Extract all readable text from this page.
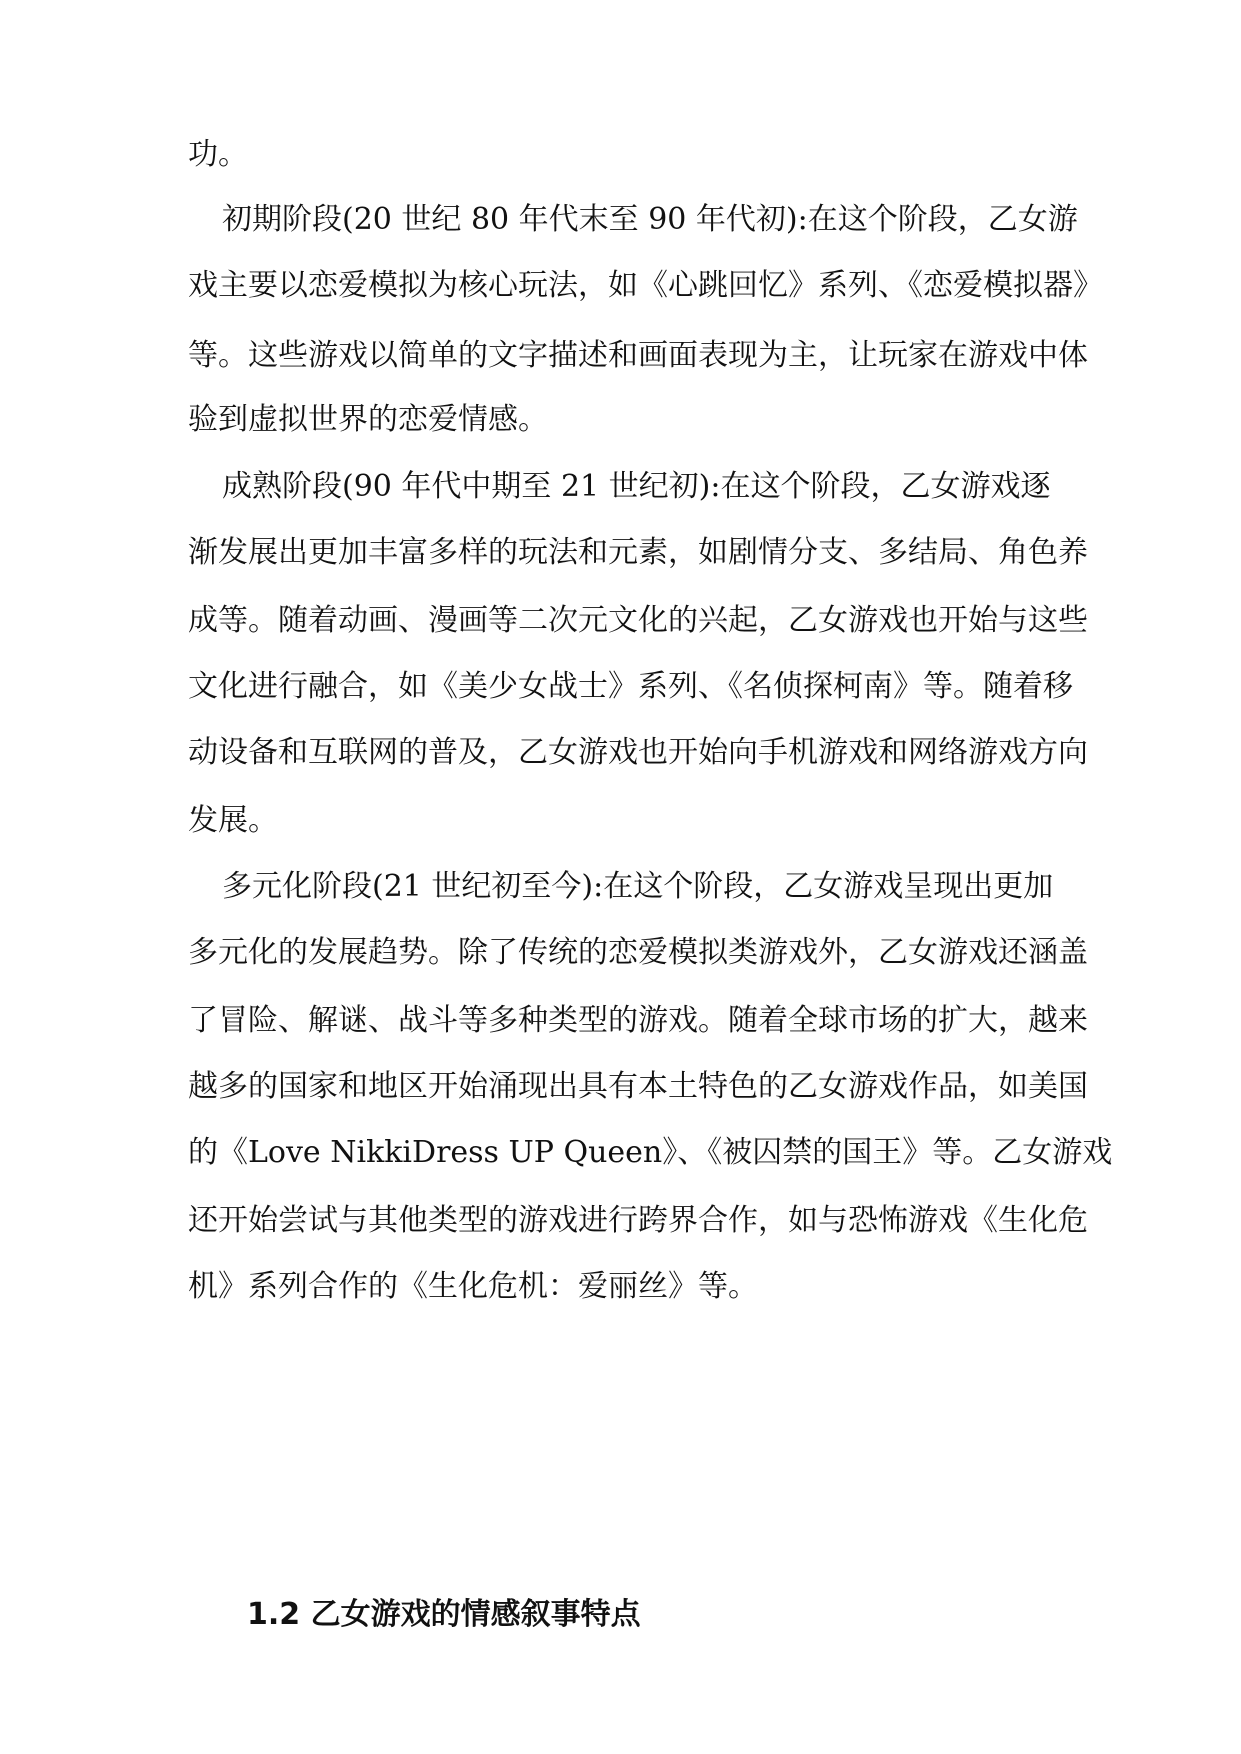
功。
初期阶段(20 世纪 80 年代末至 90 年代初):在这个阶段，乙女游
戏主要以恋爱模拟为核心玩法，如《心跳回忆》系列、《恋爱模拟器》
等。这些游戏以简单的文字描述和画面表现为主，让玩家在游戏中体
验到虚拟世界的恋爱情感。
成熟阶段(90 年代中期至 21 世纪初):在这个阶段，乙女游戏逐
渐发展出更加丰富多样的玩法和元素，如剧情分支、多结局、角色养
成等。随着动画、漫画等二次元文化的兴起，乙女游戏也开始与这些
文化进行融合，如《美少女战士》系列、《名侦探柯南》等。随着移
动设备和互联网的普及，乙女游戏也开始向手机游戏和网络游戏方向
发展。
多元化阶段(21 世纪初至今):在这个阶段，乙女游戏呈现出更加
多元化的发展趋势。除了传统的恋爱模拟类游戏外，乙女游戏还涵盖
了冒险、解谜、战斗等多种类型的游戏。随着全球市场的扩大，越来
越多的国家和地区开始涌现出具有本土特色的乙女游戏作品，如美国
的《Love NikkiDress UP Queen》、《被囚禁的国王》等。乙女游戏
还开始尝试与其他类型的游戏进行跨界合作，如与恐怖游戏《生化危
机》系列合作的《生化危机：爱丽丝》等。
1.2 乙女游戏的情感叙事特点
